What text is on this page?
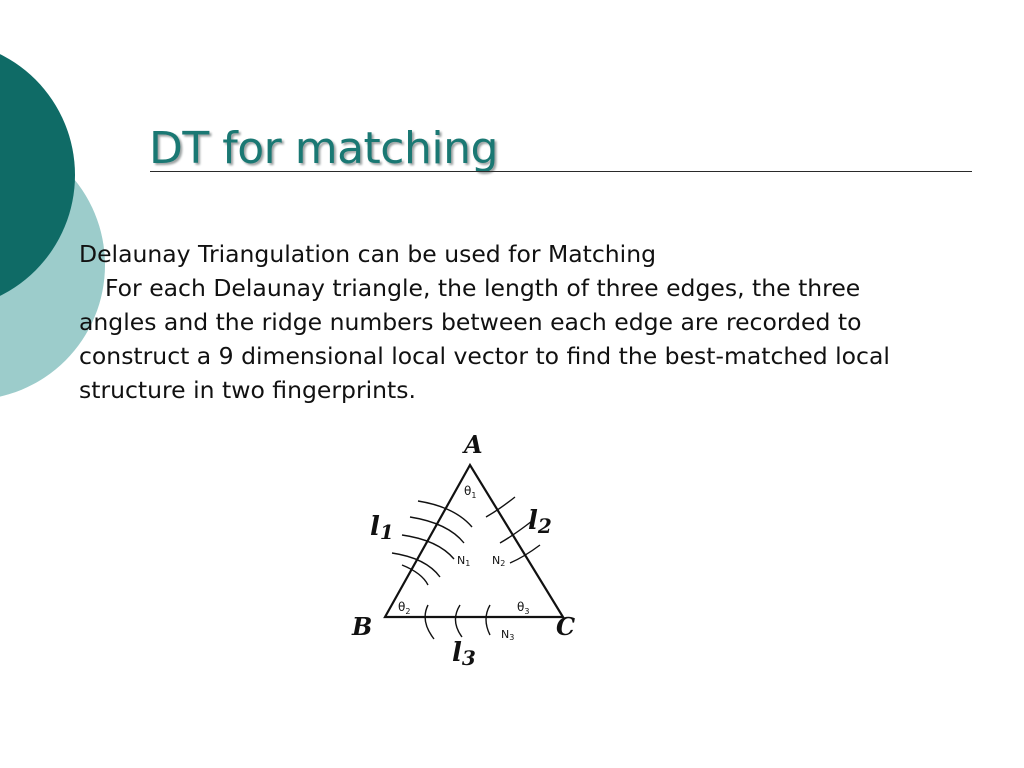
DT for matching
Delaunay Triangulation can be used for Matching
For each Delaunay triangle, the length of three edges, the three
angles and the ridge numbers between each edge are recorded to
construct a 9 dimensional local vector to find the best-matched local
structure in two fingerprints.
A
B	C
l1	l2
l3
$\theta_1$
$\theta_2$	$\theta_3$
N1 N2
N3
